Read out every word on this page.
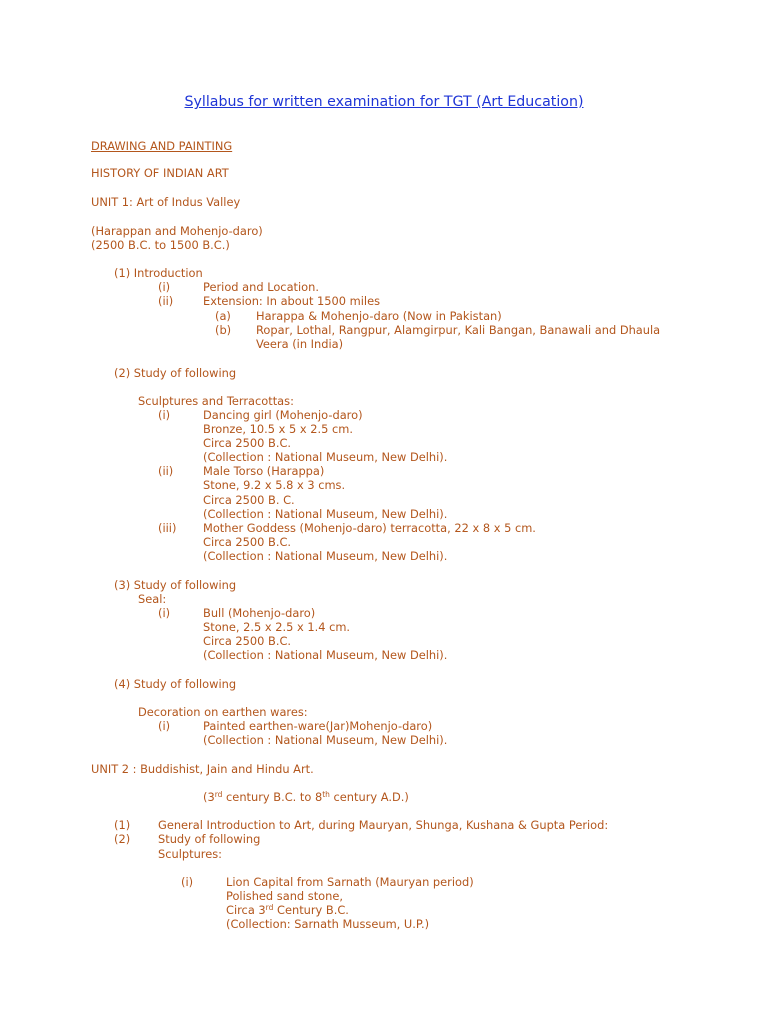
Syllabus for written examination for TGT (Art Education)
DRAWING AND PAINTING
HISTORY OF INDIAN ART
UNIT 1: Art of Indus Valley
(Harappan and Mohenjo-daro)
(2500 B.C. to 1500 B.C.)
(1) Introduction
(i)	Period and Location.
(ii)	Extension: In about 1500 miles
(a) Harappa & Mohenjo-daro (Now in Pakistan)
(b) Ropar, Lothal, Rangpur, Alamgirpur, Kali Bangan, Banawali and Dhaula
Veera (in India)
(2) Study of following
Sculptures and Terracottas:
(i)	Dancing girl (Mohenjo-daro)
Bronze, 10.5 x 5 x 2.5 cm.
Circa 2500 B.C.
(Collection : National Museum, New Delhi).
(ii)	Male Torso (Harappa)
Stone, 9.2 x 5.8 x 3 cms.
Circa 2500 B. C.
(Collection : National Museum, New Delhi).
(iii) Mother Goddess (Mohenjo-daro) terracotta, 22 x 8 x 5 cm.
Circa 2500 B.C.
(Collection : National Museum, New Delhi).
(3) Study of following
Seal:
(i)	Bull (Mohenjo-daro)
Stone, 2.5 x 2.5 x 1.4 cm.
Circa 2500 B.C.
(Collection : National Museum, New Delhi).
(4) Study of following
Decoration on earthen wares:
(i)	Painted earthen-ware(Jar)Mohenjo-daro)
(Collection : National Museum, New Delhi).
UNIT 2 : Buddishist, Jain and Hindu Art.
(3rd century B.C. to 8th century A.D.)
(1) General Introduction to Art, during Mauryan, Shunga, Kushana & Gupta Period:
(2) Study of following
Sculptures:
(i)	Lion Capital from Sarnath (Mauryan period)
Polished sand stone,
Circa 3rd Century B.C.
(Collection: Sarnath Musseum, U.P.)
